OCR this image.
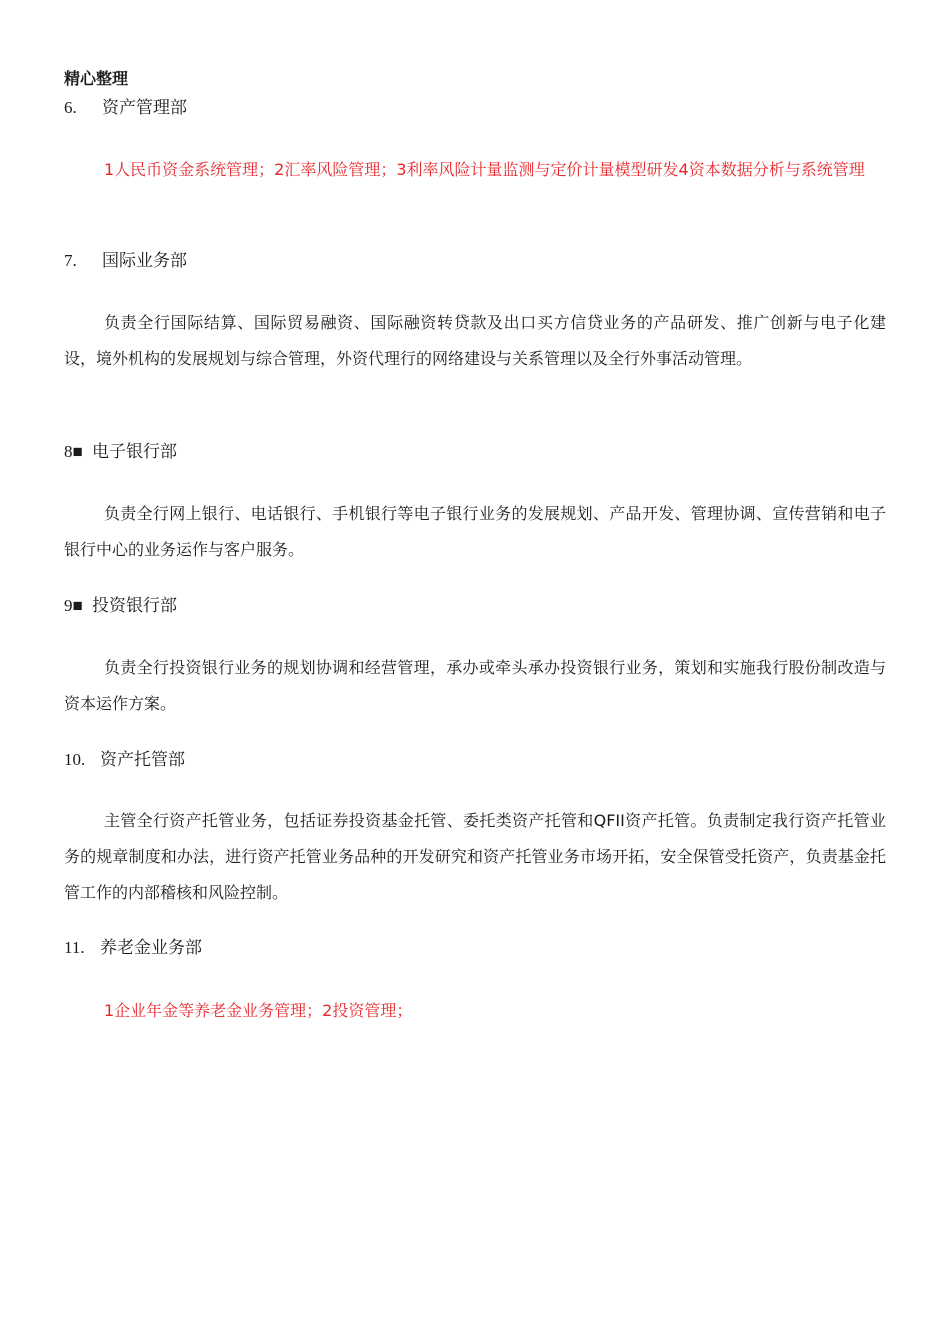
精心整理
6. 资产管理部
1人民币资金系统管理；2汇率风险管理；3利率风险计量监测与定价计量模型研发4资本数据分析与系统管理
7. 国际业务部
负责全行国际结算、国际贸易融资、国际融资转贷款及出口买方信贷业务的产品研发、推广创新与电子化建设，境外机构的发展规划与综合管理，外资代理行的网络建设与关系管理以及全行外事活动管理。
8■ 电子银行部
负责全行网上银行、电话银行、手机银行等电子银行业务的发展规划、产品开发、管理协调、宣传营销和电子银行中心的业务运作与客户服务。
9■ 投资银行部
负责全行投资银行业务的规划协调和经营管理，承办或牵头承办投资银行业务，策划和实施我行股份制改造与资本运作方案。
10. 资产托管部
主管全行资产托管业务，包括证券投资基金托管、委托类资产托管和QFII资产托管。负责制定我行资产托管业务的规章制度和办法，进行资产托管业务品种的开发研究和资产托管业务市场开拓，安全保管受托资产，负责基金托管工作的内部稽核和风险控制。
11. 养老金业务部
1企业年金等养老金业务管理；2投资管理；
